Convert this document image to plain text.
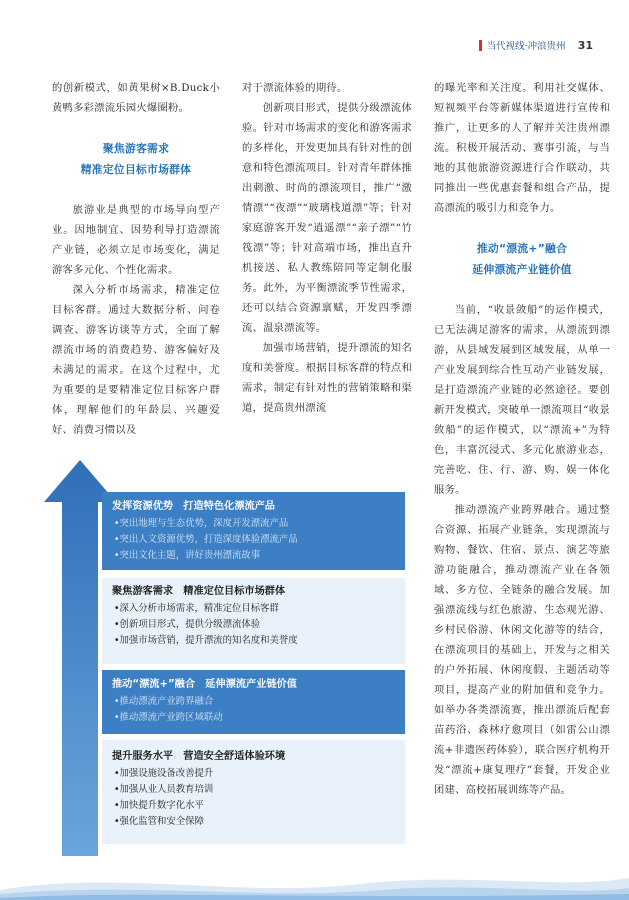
当代视线·冲浪贵州 31

的创新模式，如黄果树×B.Duck小黄鸭多彩漂流乐园火爆圈粉。

聚焦游客需求

精准定位目标市场群体

旅游业是典型的市场导向型产业。因地制宜、因势利导打造漂流产业链，必须立足市场变化，满足游客多元化、个性化需求。

深入分析市场需求，精准定位目标客群。通过大数据分析、问卷调查、游客访谈等方式，全面了解漂流市场的消费趋势、游客偏好及未满足的需求。在这个过程中，尤为重要的是要精准定位目标客户群体，理解他们的年龄层、兴趣爱好、消费习惯以及

对于漂流体验的期待。

创新项目形式，提供分级漂流体验。针对市场需求的变化和游客需求的多样化，开发更加具有针对性的创意和特色漂流项目。针对青年群体推出刺激、时尚的漂流项目，推广“激情漂”“夜漂”“玻璃栈道漂”等；针对家庭游客开发“逍遥漂”“亲子漂”“竹筏漂”等；针对高端市场，推出直升机接送、私人教练陪同等定制化服务。此外，为平衡漂流季节性需求，还可以结合资源禀赋，开发四季漂流、温泉漂流等。

加强市场营销，提升漂流的知名度和美誉度。根据目标客群的特点和需求，制定有针对性的营销策略和渠道，提高贵州漂流

的曝光率和关注度。利用社交媒体、短视频平台等新媒体渠道进行宣传和推广，让更多的人了解并关注贵州漂流。积极开展活动、赛事引流，与当地的其他旅游资源进行合作联动，共同推出一些优惠套餐和组合产品，提高漂流的吸引力和竞争力。

推动“漂流+”融合

延伸漂流产业链价值

当前，“收景敛船”的运作模式，已无法满足游客的需求，从漂流到漂游，从县域发展到区域发展，从单一产业发展到综合性互动产业链发展，是打造漂流产业链的必然途径。要创新开发模式，突破单一漂流项目“收景敛船”的运作模式，以“漂流+”为特色，丰富沉浸式、多元化旅游业态，完善吃、住、行、游、购、娱一体化服务。

推动漂流产业跨界融合。通过整合资源、拓展产业链条，实现漂流与购物、餐饮、住宿、景点、演艺等旅游功能融合，推动漂流产业在各领域、多方位、全链条的融合发展。加强漂流线与红色旅游、生态观光游、乡村民俗游、休闲文化游等的结合，在漂流项目的基础上，开发与之相关的户外拓展、休闲度假、主题活动等项目，提高产业的附加值和竞争力。如举办各类漂流赛，推出漂流后配套苗药浴、森林疗愈项目（如雷公山漂流+非遗医药体验），联合医疗机构开发“漂流+康复理疗”套餐，开发企业团建、高校拓展训练等产品。

发挥资源优势　打造特色化漂流产品
•突出地理与生态优势，深度开发漂流产品
•突出人文资源优势，打造深度体验漂流产品
•突出文化主题，讲好贵州漂流故事
聚焦游客需求　精准定位目标市场群体
•深入分析市场需求，精准定位目标客群
•创新项目形式，提供分级漂流体验
•加强市场营销，提升漂流的知名度和美誉度
推动“漂流+”融合　延伸漂流产业链价值
•推动漂流产业跨界融合
•推动漂流产业跨区域联动
提升服务水平　营造安全舒适体验环境
•加强设施设备改善提升
•加强从业人员教育培训
•加快提升数字化水平
•强化监管和安全保障
